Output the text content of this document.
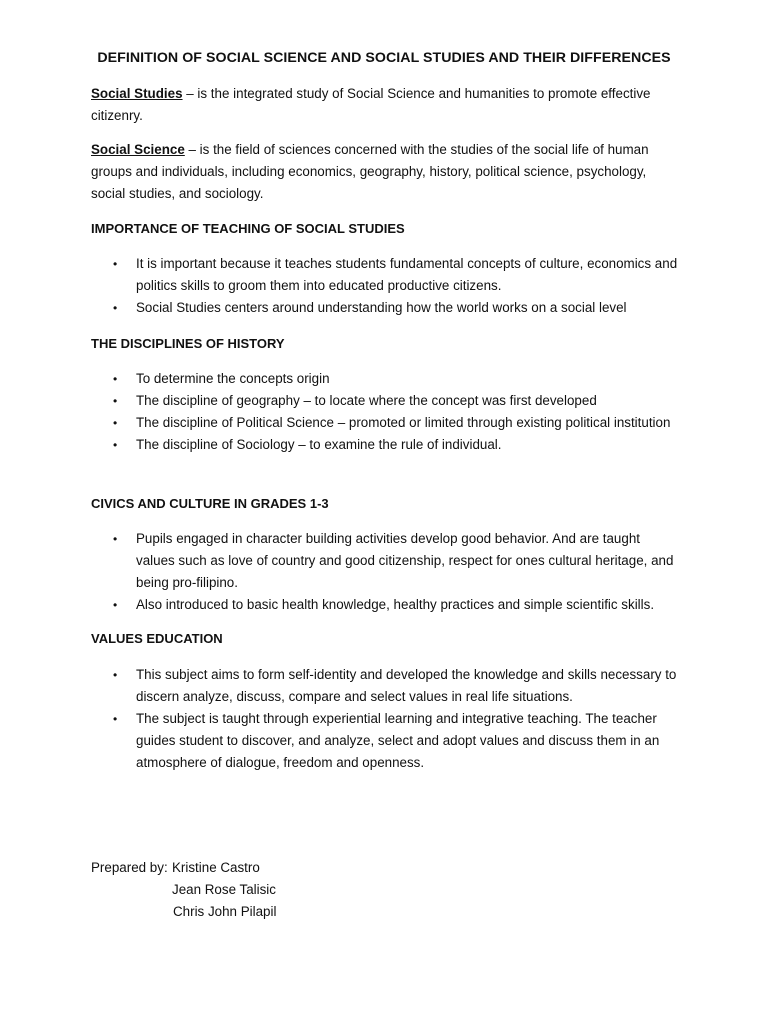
DEFINITION OF SOCIAL SCIENCE AND SOCIAL STUDIES AND THEIR DIFFERENCES
Social Studies – is the integrated study of Social Science and humanities to promote effective citizenry.
Social Science – is the field of sciences concerned with the studies of the social life of human groups and individuals, including economics, geography, history, political science, psychology, social studies, and sociology.
IMPORTANCE OF TEACHING OF SOCIAL STUDIES
• It is important because it teaches students fundamental concepts of culture, economics and politics skills to groom them into educated productive citizens.
• Social Studies centers around understanding how the world works on a social level
THE DISCIPLINES OF HISTORY
• To determine the concepts origin
• The discipline of geography – to locate where the concept was first developed
• The discipline of Political Science – promoted or limited through existing political institution
• The discipline of Sociology – to examine the rule of individual.
CIVICS AND CULTURE IN GRADES 1-3
• Pupils engaged in character building activities develop good behavior. And are taught values such as love of country and good citizenship, respect for ones cultural heritage, and being pro-filipino.
• Also introduced to basic health knowledge, healthy practices and simple scientific skills.
VALUES EDUCATION
• This subject aims to form self-identity and developed the knowledge and skills necessary to discern analyze, discuss, compare and select values in real life situations.
• The subject is taught through experiential learning and integrative teaching. The teacher guides student to discover, and analyze, select and adopt values and discuss them in an atmosphere of dialogue, freedom and openness.
Prepared by: Kristine Castro
Jean Rose Talisic
Chris John Pilapil
